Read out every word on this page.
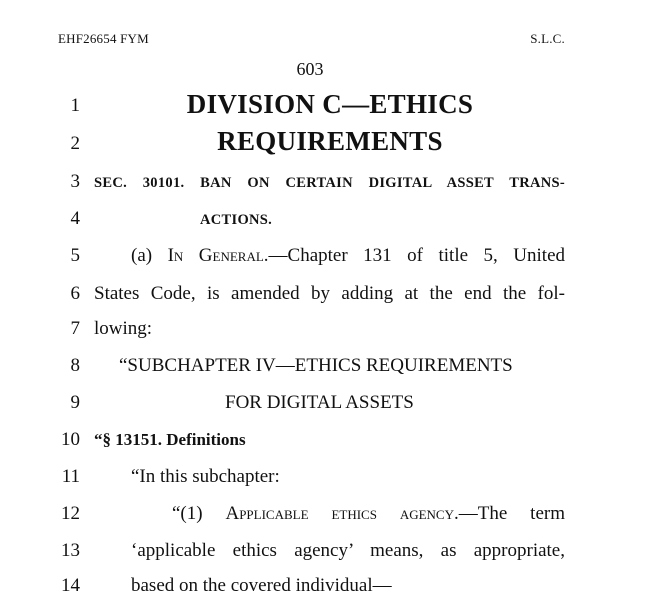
EHF26654 FYM	S.L.C.
603
1	DIVISION C—ETHICS
2	REQUIREMENTS
3 SEC. 30101. BAN ON CERTAIN DIGITAL ASSET TRANS-
4	ACTIONS.
5	(a) In General.—Chapter 131 of title 5, United
6 States Code, is amended by adding at the end the fol-
7 lowing:
8 “SUBCHAPTER IV—ETHICS REQUIREMENTS
9	FOR DIGITAL ASSETS
10 “§ 13151. Definitions
11	“In this subchapter:
12	“(1) Applicable ethics agency.—The term
13	‘applicable ethics agency’ means, as appropriate,
14	based on the covered individual—
